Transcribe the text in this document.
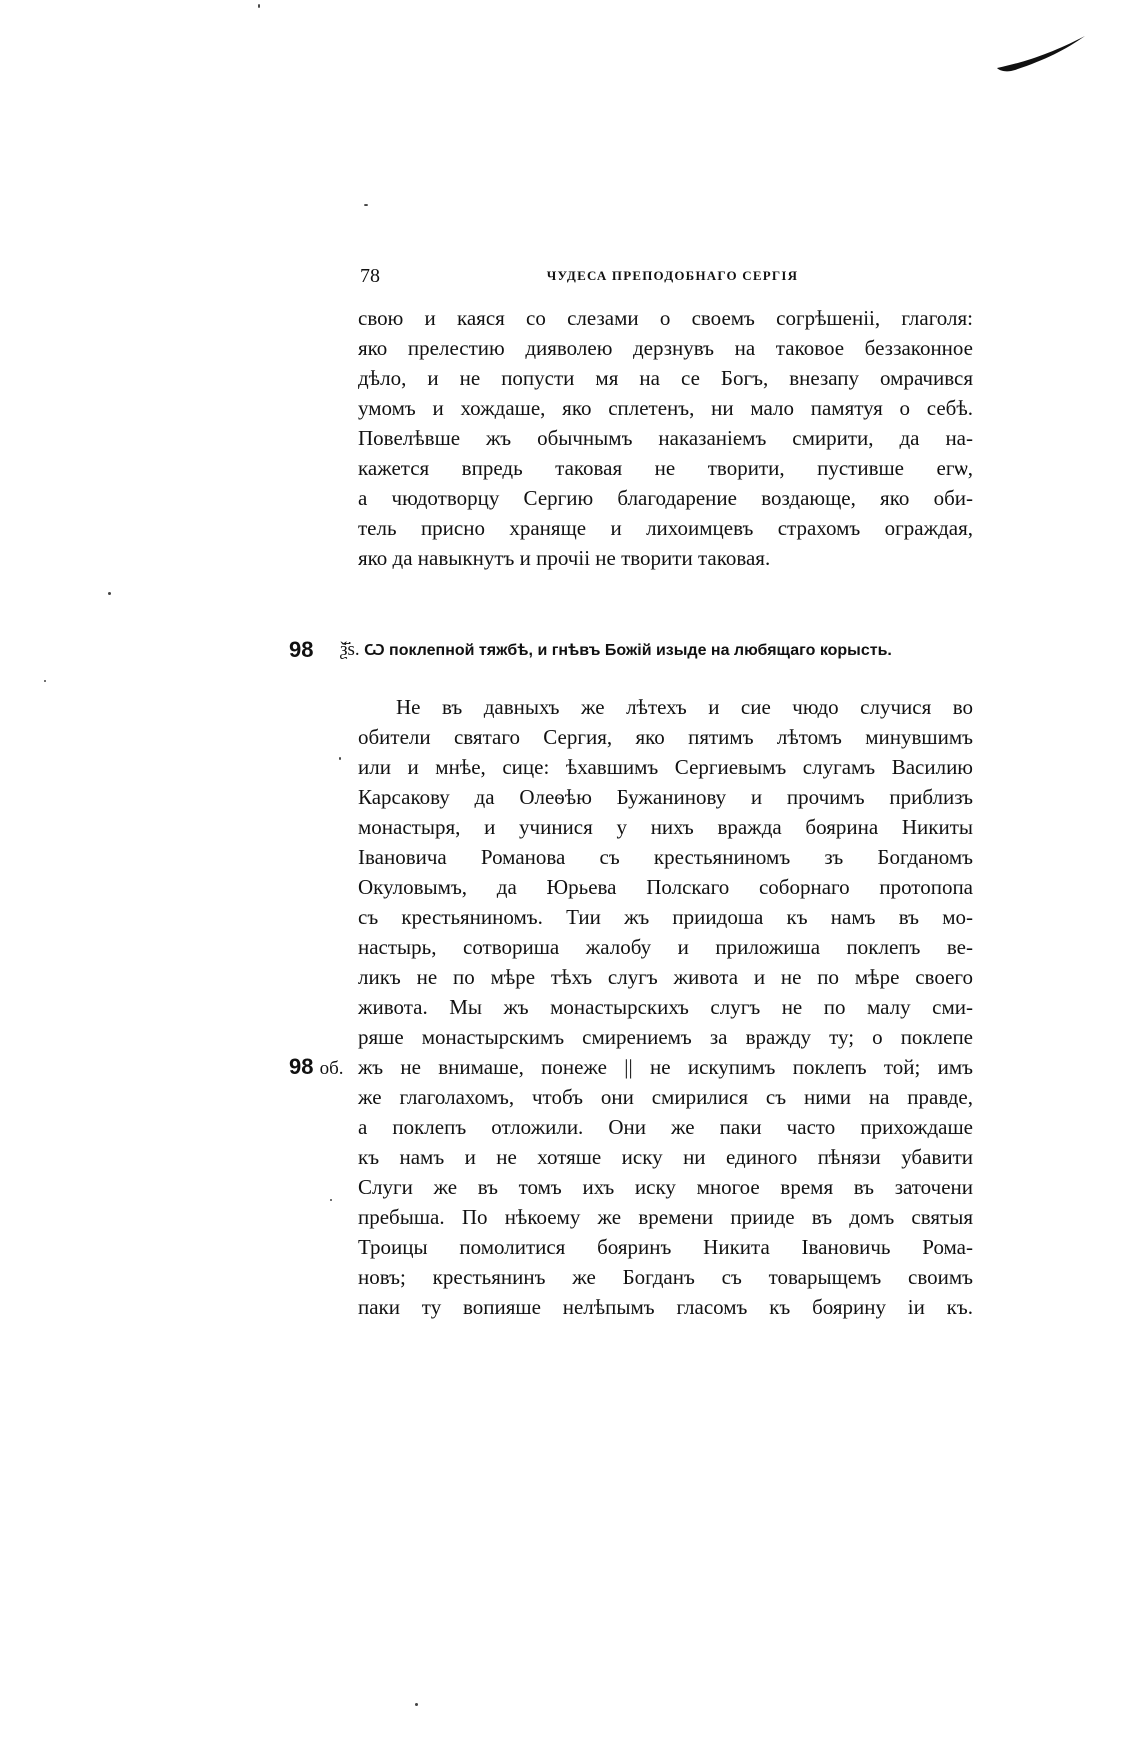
78	ЧУДЕСА ПРЕПОДОБНАГО СЕРГІЯ
свою и каяся со слезами о своемъ согрѣшеніі, глаголя:
яко прелестию дияволею дерзнувъ на таковое беззаконное
дѣло, и не попусти мя на се Богъ, внезапу омрачився
умомъ и хождаше, яко сплетенъ, ни мало памятуя о себѣ.
Повелѣвше жъ обычнымъ наказаніемъ смирити, да на-
кажется впредь таковая не творити, пустивше егѡ,
а чюдотворцу Сергию благодарение воздающе, яко оби-
тель присно храняще и лихоимцевъ страхомъ ограждая,
яко да навыкнутъ и прочіі не творити таковая.
98 ѯ҃ѕ. Ѡ поклепной тяжбѣ, и гнѣвъ Божій изыде на любящаго корысть.
Не въ давныхъ же лѣтехъ и сие чюдо случися во
обители святаго Сергия, яко пятимъ лѣтомъ минувшимъ
или и мнѣе, сице: ѣхавшимъ Сергиевымъ слугамъ Василию
Карсакову да Олеѳѣю Бужанинову и прочимъ приблизъ
монастыря, и учинися у нихъ вражда боярина Никиты
Івановича Романова съ крестьяниномъ зъ Богданомъ
Окуловымъ, да Юрьева Полскаго соборнаго протопопа
съ крестьяниномъ. Тии жъ приидоша къ намъ въ мо-
настырь, сотвориша жалобу и приложиша поклепъ ве-
ликъ не по мѣре тѣхъ слугъ живота и не по мѣре своего
живота. Мы жъ монастырскихъ слугъ не по малу сми-
ряше монастырскимъ смирениемъ за вражду ту; о поклепе
жъ не внимаше, понеже || не искупимъ поклепъ той; имъ
же глаголахомъ, чтобъ они смирилися съ ними на правде,
а поклепъ отложили. Они же паки часто прихождаше
къ намъ и не хотяше иску ни единого пѣнязи убавити
Слуги же въ томъ ихъ иску многое время въ заточени
пребыша. По нѣкоему же времени прииде въ домъ святыя
Троицы помолитися бояринъ Никита Івановичь Рома-
новъ; крестьянинъ же Богданъ съ товарыщемъ своимъ
паки ту вопияше нелѣпымъ гласомъ къ боярину іи къ.
98 об.
